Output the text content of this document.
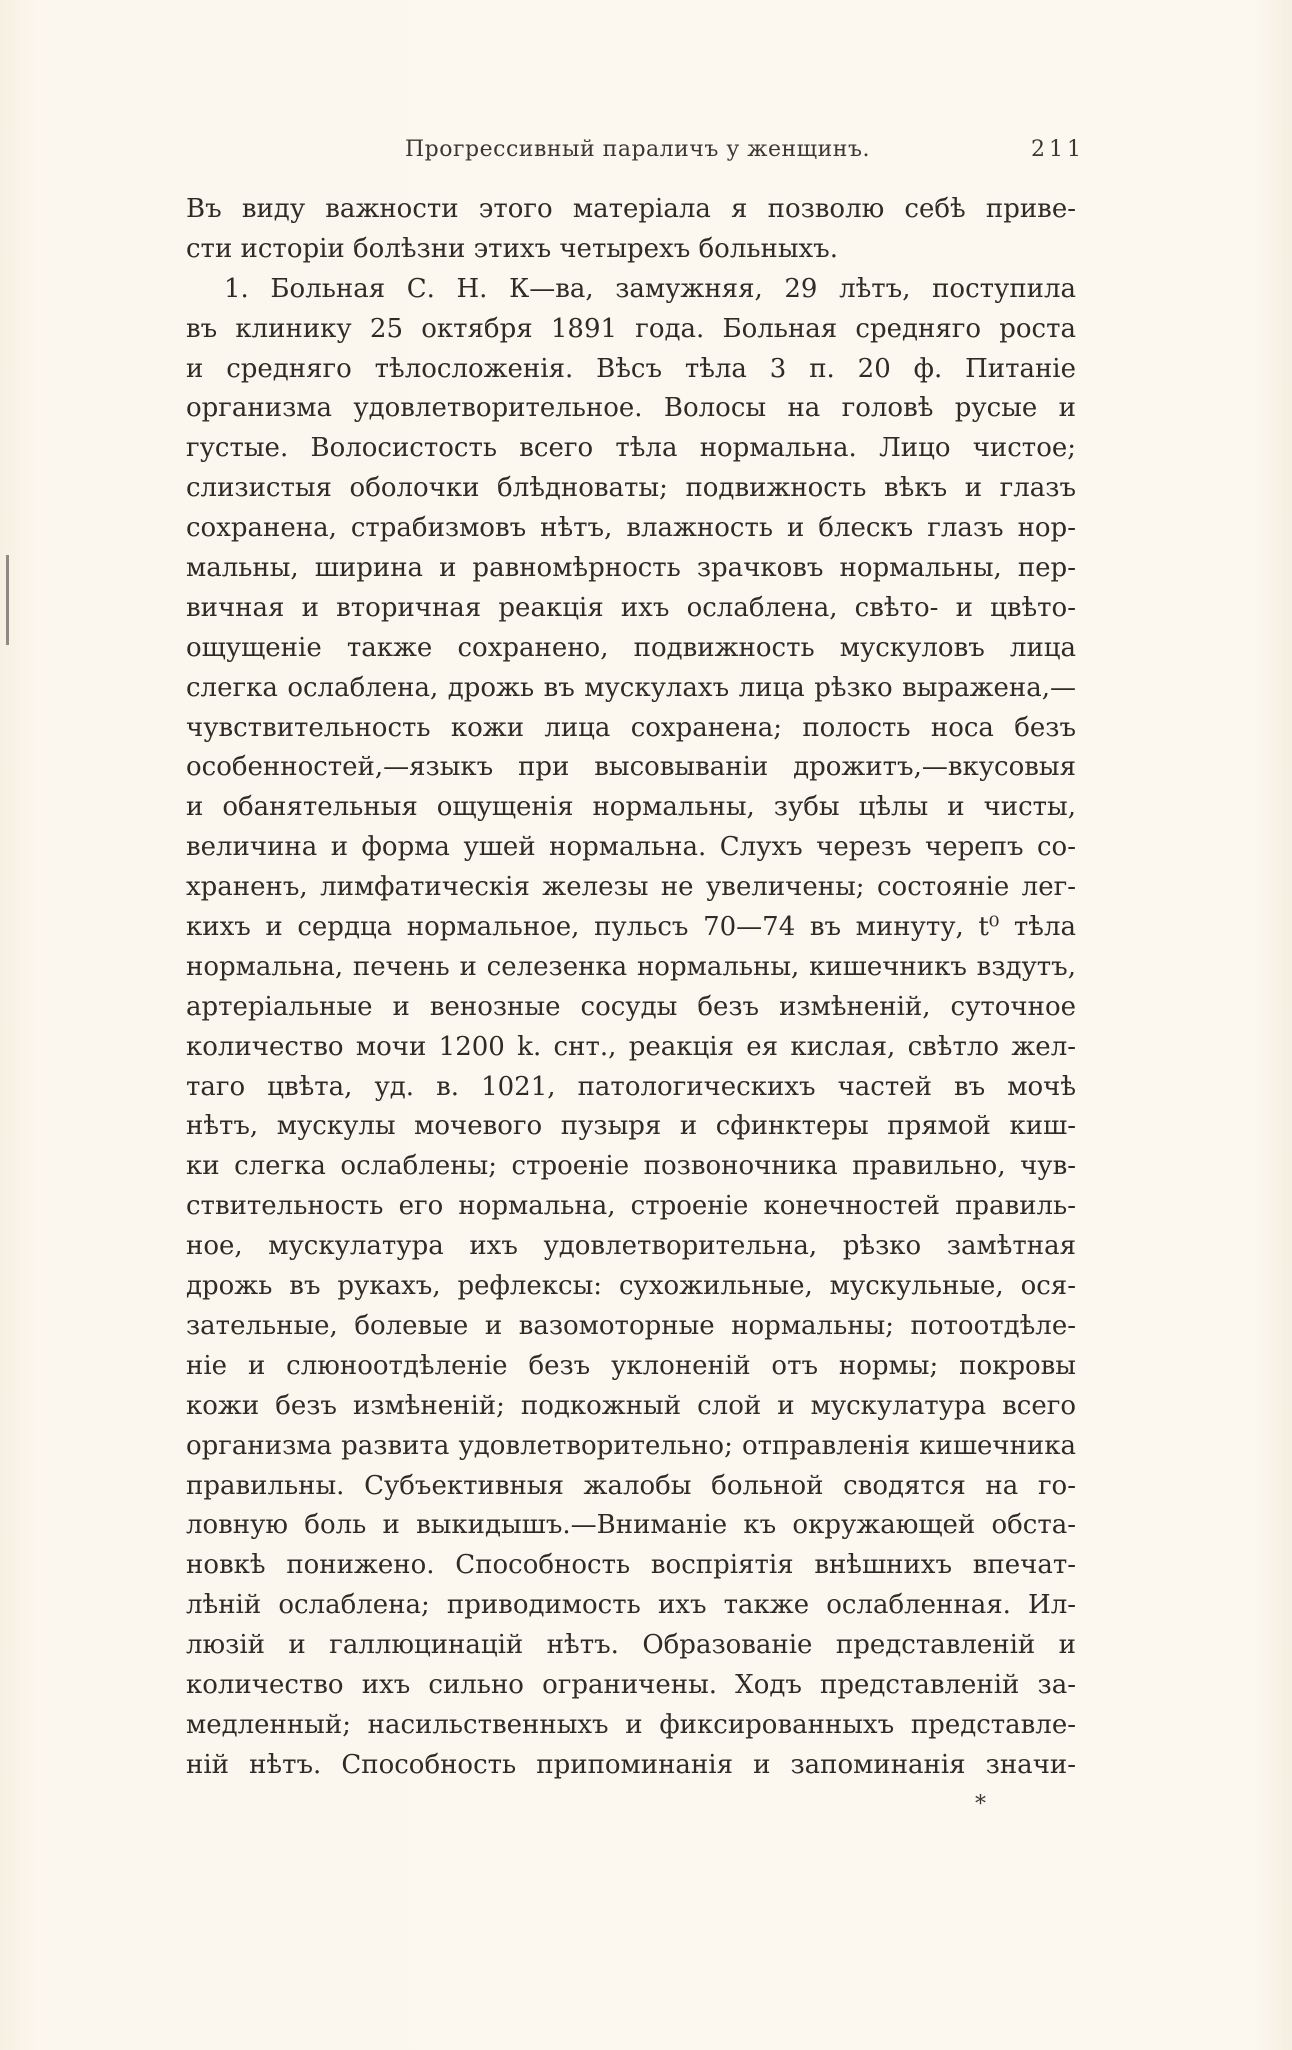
Прогрессивный параличъ у женщинъ.	211
Въ виду важности этого матеріала я позволю себѣ приве-
сти исторіи болѣзни этихъ четырехъ больныхъ.
1. Больная С. Н. К—ва, замужняя, 29 лѣтъ, поступила
въ клинику 25 октября 1891 года. Больная средняго роста
и средняго тѣлосложенія. Вѣсъ тѣла 3 п. 20 ф. Питаніе
организма удовлетворительное. Волосы на головѣ русые и
густые. Волосистость всего тѣла нормальна. Лицо чистое;
слизистыя оболочки блѣдноваты; подвижность вѣкъ и глазъ
сохранена, страбизмовъ нѣтъ, влажность и блескъ глазъ нор-
мальны, ширина и равномѣрность зрачковъ нормальны, пер-
вичная и вторичная реакція ихъ ослаблена, свѣто- и цвѣто-
ощущеніе также сохранено, подвижность мускуловъ лица
слегка ослаблена, дрожь въ мускулахъ лица рѣзко выражена,—
чувствительность кожи лица сохранена; полость носа безъ
особенностей,—языкъ при высовываніи дрожитъ,—вкусовыя
и обанятельныя ощущенія нормальны, зубы цѣлы и чисты,
величина и форма ушей нормальна. Слухъ черезъ черепъ со-
храненъ, лимфатическія железы не увеличены; состояніе лег-
кихъ и сердца нормальное, пульсъ 70—74 въ минуту, t⁰ тѣла
нормальна, печень и селезенка нормальны, кишечникъ вздутъ,
артеріальные и венозные сосуды безъ измѣненій, суточное
количество мочи 1200 k. снт., реакція ея кислая, свѣтло жел-
таго цвѣта, уд. в. 1021, патологическихъ частей въ мочѣ
нѣтъ, мускулы мочевого пузыря и сфинктеры прямой киш-
ки слегка ослаблены; строеніе позвоночника правильно, чув-
ствительность его нормальна, строеніе конечностей правиль-
ное, мускулатура ихъ удовлетворительна, рѣзко замѣтная
дрожь въ рукахъ, рефлексы: сухожильные, мускульные, ося-
зательные, болевые и вазомоторные нормальны; потоотдѣле-
ніе и слюноотдѣленіе безъ уклоненій отъ нормы; покровы
кожи безъ измѣненій; подкожный слой и мускулатура всего
организма развита удовлетворительно; отправленія кишечника
правильны. Субъективныя жалобы больной сводятся на го-
ловную боль и выкидышъ.—Вниманіе къ окружающей обста-
новкѣ понижено. Способность воспріятія внѣшнихъ впечат-
лѣній ослаблена; приводимость ихъ также ослабленная. Ил-
люзій и галлюцинацій нѣтъ. Образованіе представленій и
количество ихъ сильно ограничены. Ходъ представленій за-
медленный; насильственныхъ и фиксированныхъ представле-
ній нѣтъ. Способность припоминанія и запоминанія значи-
*
